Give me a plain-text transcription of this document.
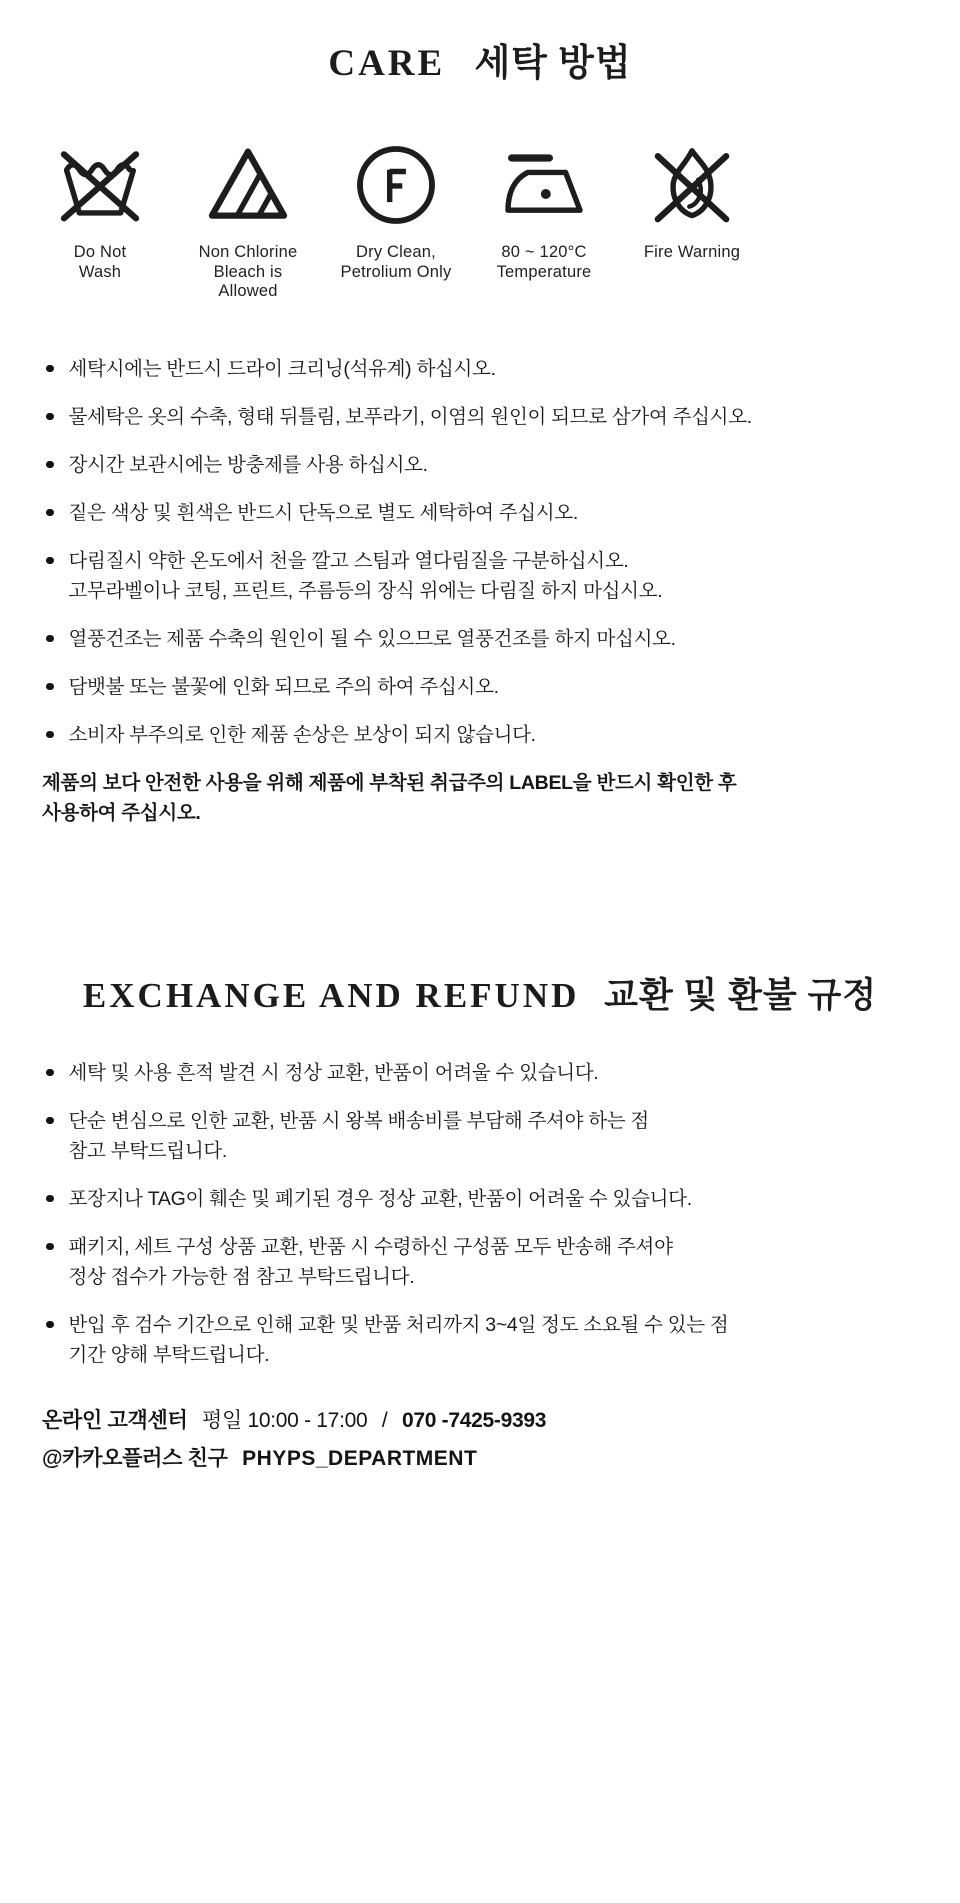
CARE 세탁 방법
Do Not
Wash
Non Chlorine
Bleach is
Allowed
Dry Clean,
Petrolium Only
80 ~ 120°C
Temperature
Fire Warning
세탁시에는 반드시 드라이 크리닝(석유계) 하십시오.
물세탁은 옷의 수축, 형태 뒤틀림, 보푸라기, 이염의 원인이 되므로 삼가여 주십시오.
장시간 보관시에는 방충제를 사용 하십시오.
짙은 색상 및 흰색은 반드시 단독으로 별도 세탁하여 주십시오.
다림질시 약한 온도에서 천을 깔고 스팀과 열다림질을 구분하십시오.
고무라벨이나 코팅, 프린트, 주름등의 장식 위에는 다림질 하지 마십시오.
열풍건조는 제품 수축의 원인이 될 수 있으므로 열풍건조를 하지 마십시오.
담뱃불 또는 불꽃에 인화 되므로 주의 하여 주십시오.
소비자 부주의로 인한 제품 손상은 보상이 되지 않습니다.

제품의 보다 안전한 사용을 위해 제품에 부착된 취급주의 LABEL을 반드시 확인한 후
사용하여 주십시오.

EXCHANGE AND REFUND 교환 및 환불 규정
세탁 및 사용 흔적 발견 시 정상 교환, 반품이 어려울 수 있습니다.
단순 변심으로 인한 교환, 반품 시 왕복 배송비를 부담해 주셔야 하는 점
참고 부탁드립니다.
포장지나 TAG이 훼손 및 폐기된 경우 정상 교환, 반품이 어려울 수 있습니다.
패키지, 세트 구성 상품 교환, 반품 시 수령하신 구성품 모두 반송해 주셔야
정상 접수가 가능한 점 참고 부탁드립니다.
반입 후 검수 기간으로 인해 교환 및 반품 처리까지 3~4일 정도 소요될 수 있는 점
기간 양해 부탁드립니다.

온라인 고객센터 평일 10:00 - 17:00 / 070 -7425-9393

@카카오플러스 친구 PHYPS_DEPARTMENT
